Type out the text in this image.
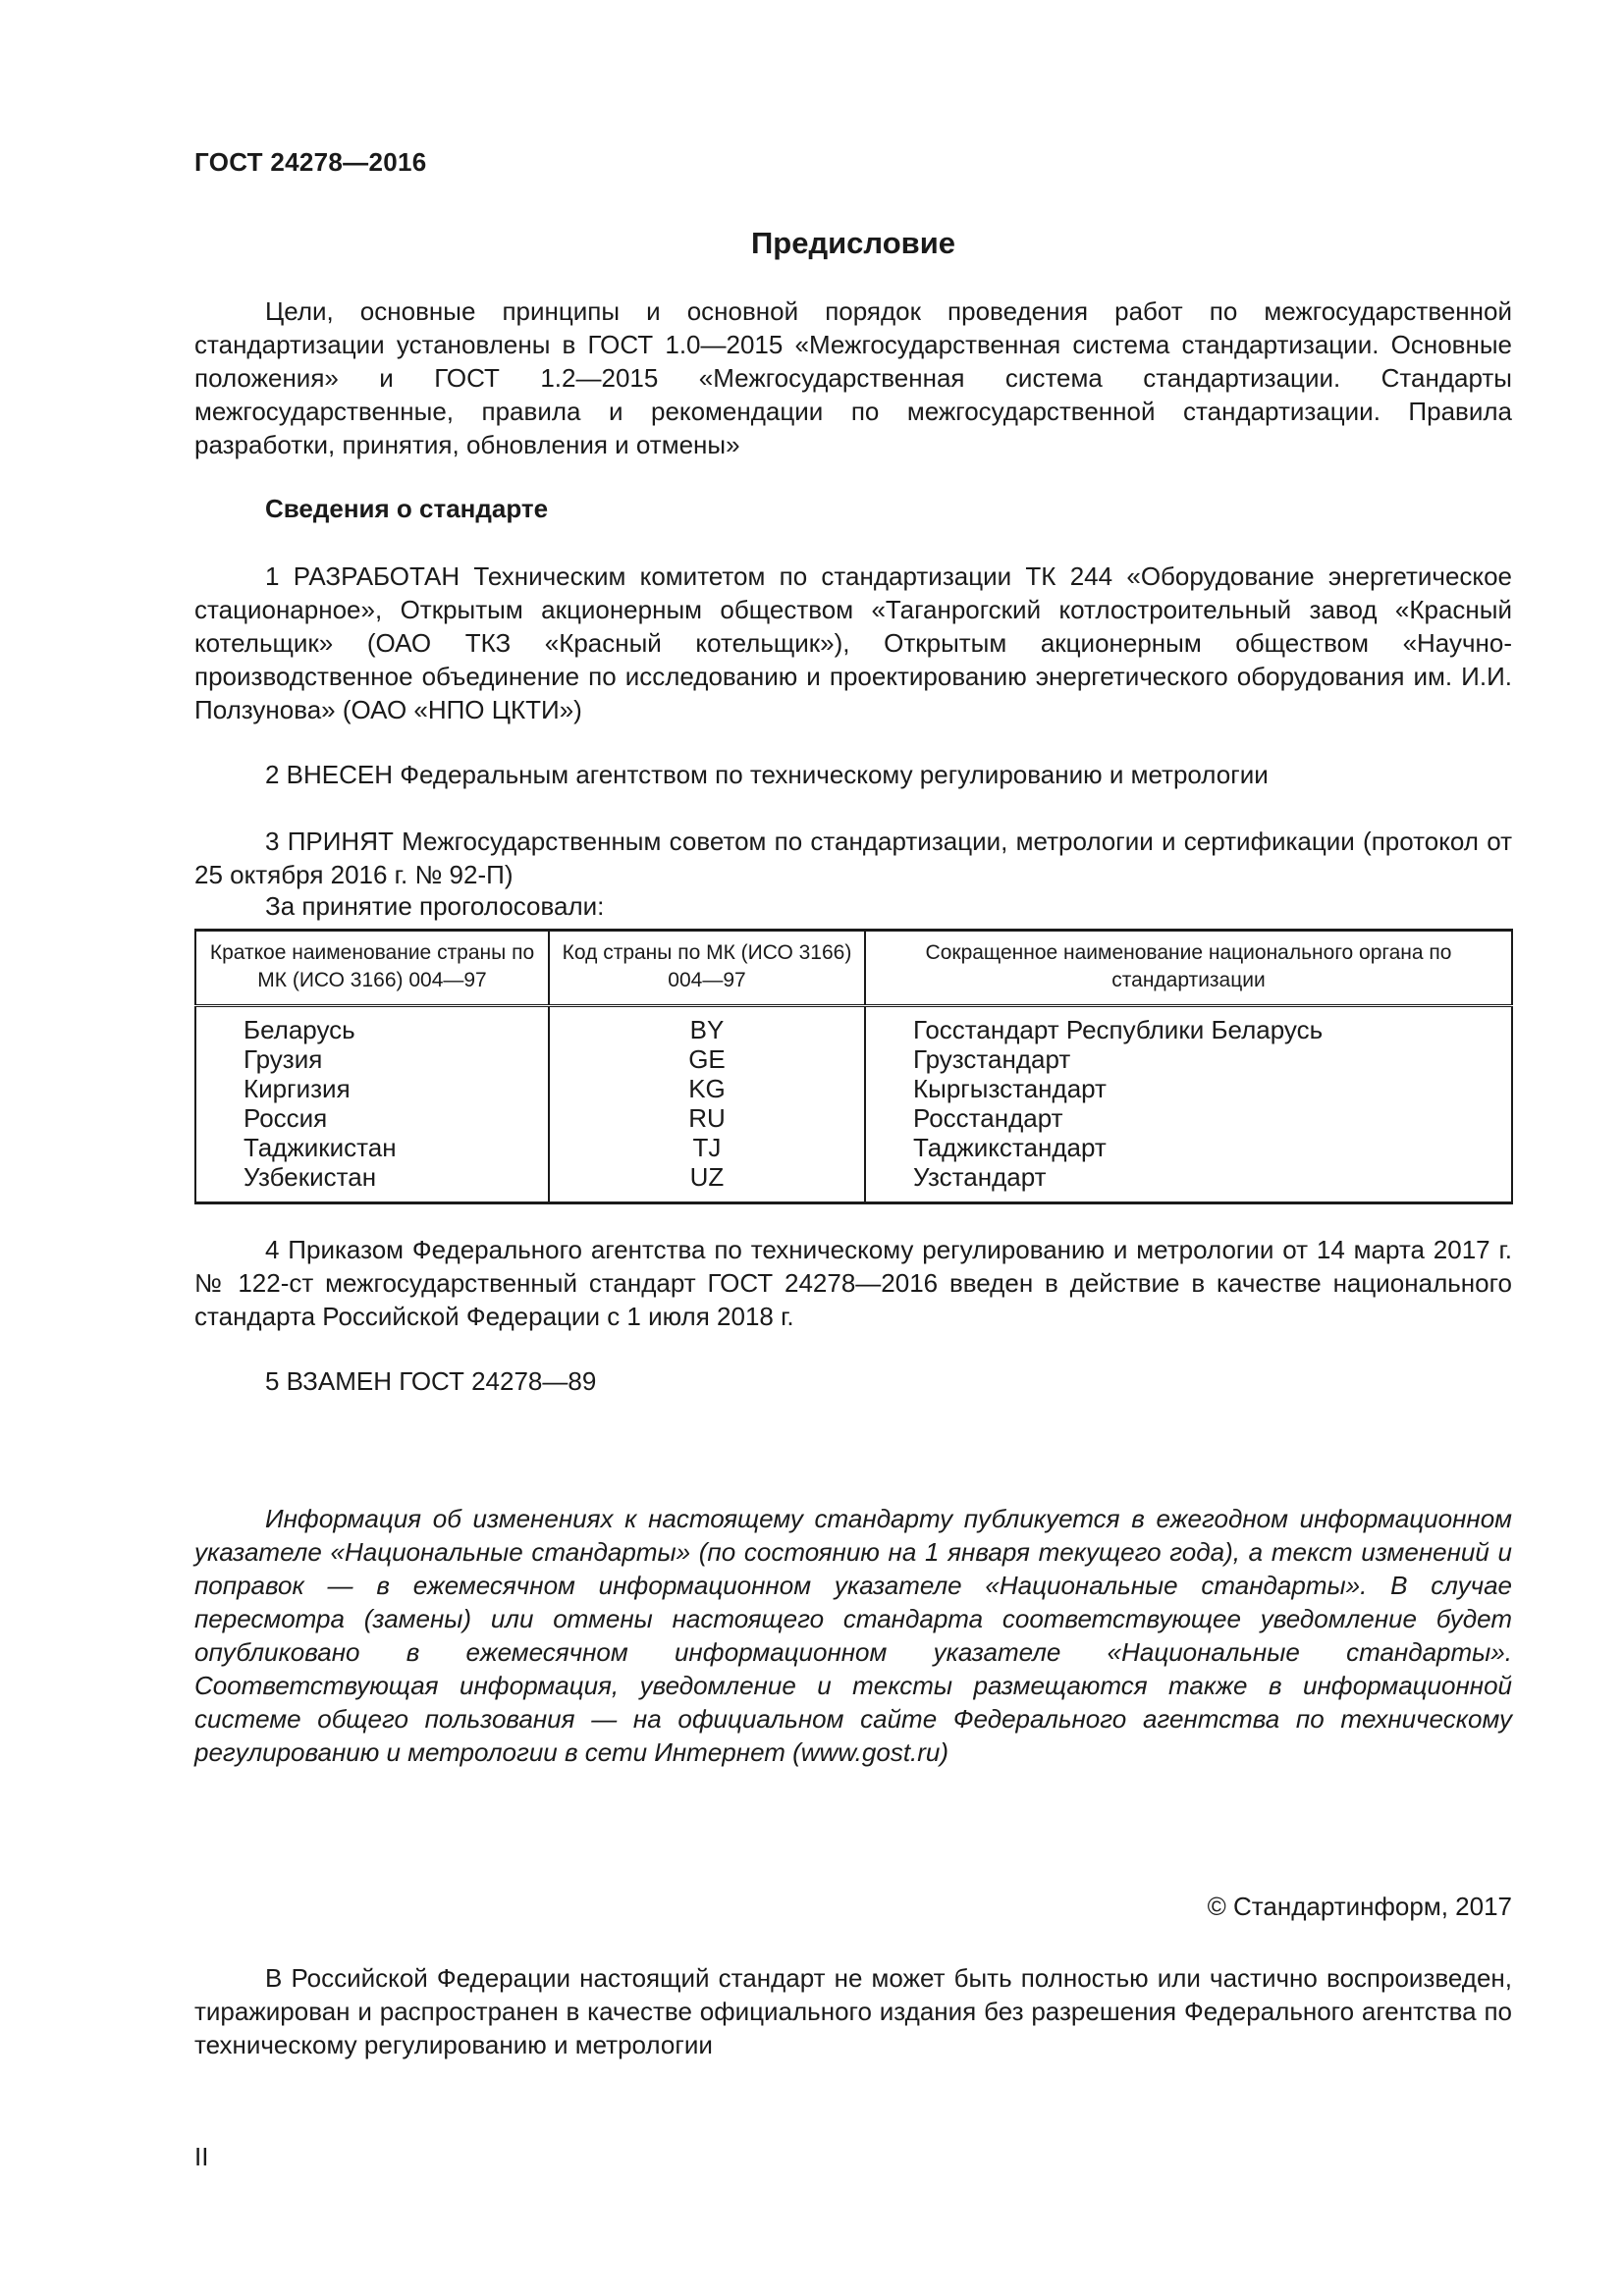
ГОСТ 24278—2016
Предисловие

Цели, основные принципы и основной порядок проведения работ по межгосударственной стандартизации установлены в ГОСТ 1.0—2015 «Межгосударственная система стандартизации. Основные положения» и ГОСТ 1.2—2015 «Межгосударственная система стандартизации. Стандарты межгосударственные, правила и рекомендации по межгосударственной стандартизации. Правила разработки, принятия, обновления и отмены»

Сведения о стандарте

1 РАЗРАБОТАН Техническим комитетом по стандартизации ТК 244 «Оборудование энергетическое стационарное», Открытым акционерным обществом «Таганрогский котлостроительный завод «Красный котельщик» (ОАО ТКЗ «Красный котельщик»), Открытым акционерным обществом «Научно-производственное объединение по исследованию и проектированию энергетического оборудования им. И.И. Ползунова» (ОАО «НПО ЦКТИ»)

2 ВНЕСЕН Федеральным агентством по техническому регулированию и метрологии

3 ПРИНЯТ Межгосударственным советом по стандартизации, метрологии и сертификации (протокол от 25 октября 2016 г. № 92-П)

За принятие проголосовали:
Краткое наименование страны по МК (ИСО 3166) 004—97	Код страны по МК (ИСО 3166) 004—97	Сокращенное наименование национального органа по стандартизации
Беларусь	BY	Госстандарт Республики Беларусь
Грузия	GE	Грузстандарт
Киргизия	KG	Кыргызстандарт
Россия	RU	Росстандарт
Таджикистан	TJ	Таджикстандарт
Узбекистан	UZ	Узстандарт

4 Приказом Федерального агентства по техническому регулированию и метрологии от 14 марта 2017 г. № 122-ст межгосударственный стандарт ГОСТ 24278—2016 введен в действие в качестве национального стандарта Российской Федерации с 1 июля 2018 г.

5 ВЗАМЕН ГОСТ 24278—89

Информация об изменениях к настоящему стандарту публикуется в ежегодном информационном указателе «Национальные стандарты» (по состоянию на 1 января текущего года), а текст изменений и поправок — в ежемесячном информационном указателе «Национальные стандарты». В случае пересмотра (замены) или отмены настоящего стандарта соответствующее уведомление будет опубликовано в ежемесячном информационном указателе «Национальные стандарты». Соответствующая информация, уведомление и тексты размещаются также в информационной системе общего пользования — на официальном сайте Федерального агентства по техническому регулированию и метрологии в сети Интернет (www.gost.ru)

© Стандартинформ, 2017

В Российской Федерации настоящий стандарт не может быть полностью или частично воспроизведен, тиражирован и распространен в качестве официального издания без разрешения Федерального агентства по техническому регулированию и метрологии

II
